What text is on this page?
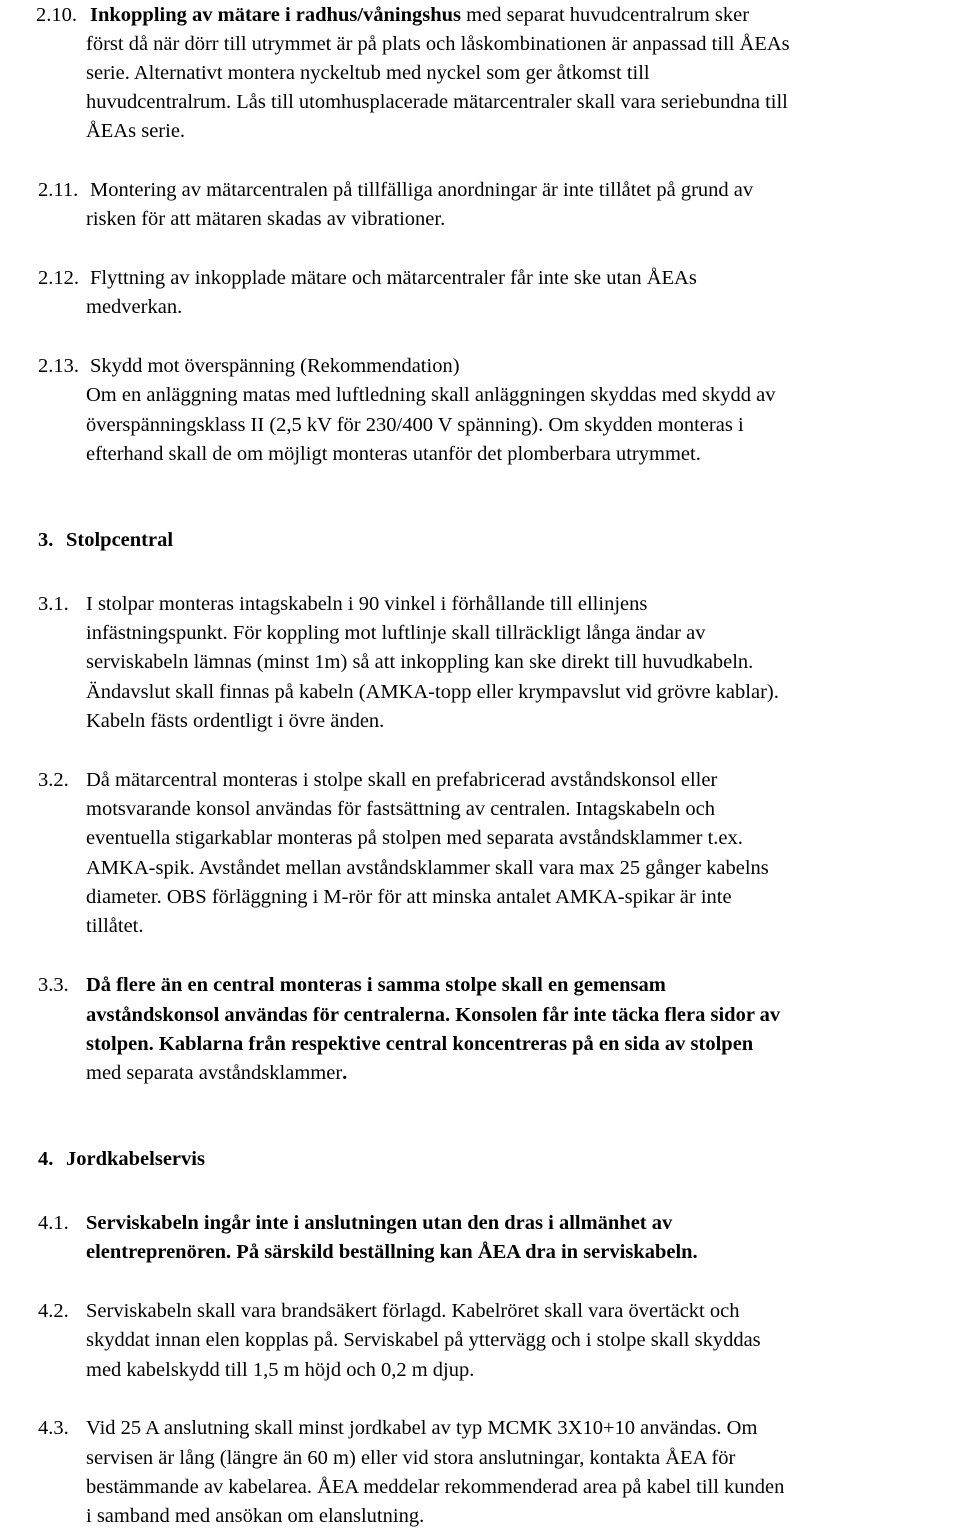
2.10. Inkoppling av mätare i radhus/våningshus med separat huvudcentralrum sker

först då när dörr till utrymmet är på plats och låskombinationen är anpassad till ÅEAs

serie. Alternativt montera nyckeltub med nyckel som ger åtkomst till

huvudcentralrum. Lås till utomhusplacerade mätarcentraler skall vara seriebundna till

ÅEAs serie.

2.11. Montering av mätarcentralen på tillfälliga anordningar är inte tillåtet på grund av

risken för att mätaren skadas av vibrationer.

2.12. Flyttning av inkopplade mätare och mätarcentraler får inte ske utan ÅEAs

medverkan.

2.13. Skydd mot överspänning (Rekommendation)

Om en anläggning matas med luftledning skall anläggningen skyddas med skydd av

överspänningsklass II (2,5 kV för 230/400 V spänning). Om skydden monteras i

efterhand skall de om möjligt monteras utanför det plomberbara utrymmet.

3. Stolpcentral

3.1. I stolpar monteras intagskabeln i 90 vinkel i förhållande till ellinjens

infästningspunkt. För koppling mot luftlinje skall tillräckligt långa ändar av

serviskabeln lämnas (minst 1m) så att inkoppling kan ske direkt till huvudkabeln.

Ändavslut skall finnas på kabeln (AMKA-topp eller krympavslut vid grövre kablar).

Kabeln fästs ordentligt i övre änden.

3.2. Då mätarcentral monteras i stolpe skall en prefabricerad avståndskonsol eller

motsvarande konsol användas för fastsättning av centralen. Intagskabeln och

eventuella stigarkablar monteras på stolpen med separata avståndsklammer t.ex.

AMKA-spik. Avståndet mellan avståndsklammer skall vara max 25 gånger kabelns

diameter. OBS förläggning i M-rör för att minska antalet AMKA-spikar är inte

tillåtet.

3.3. Då flere än en central monteras i samma stolpe skall en gemensam

avståndskonsol användas för centralerna. Konsolen får inte täcka flera sidor av

stolpen. Kablarna från respektive central koncentreras på en sida av stolpen

med separata avståndsklammer.

4. Jordkabelservis

4.1. Serviskabeln ingår inte i anslutningen utan den dras i allmänhet av

elentreprenören. På särskild beställning kan ÅEA dra in serviskabeln.

4.2. Serviskabeln skall vara brandsäkert förlagd. Kabelröret skall vara övertäckt och

skyddat innan elen kopplas på. Serviskabel på yttervägg och i stolpe skall skyddas

med kabelskydd till 1,5 m höjd och 0,2 m djup.

4.3. Vid 25 A anslutning skall minst jordkabel av typ MCMK 3X10+10 användas. Om

servisen är lång (längre än 60 m) eller vid stora anslutningar, kontakta ÅEA för

bestämmande av kabelarea. ÅEA meddelar rekommenderad area på kabel till kunden

i samband med ansökan om elanslutning.
